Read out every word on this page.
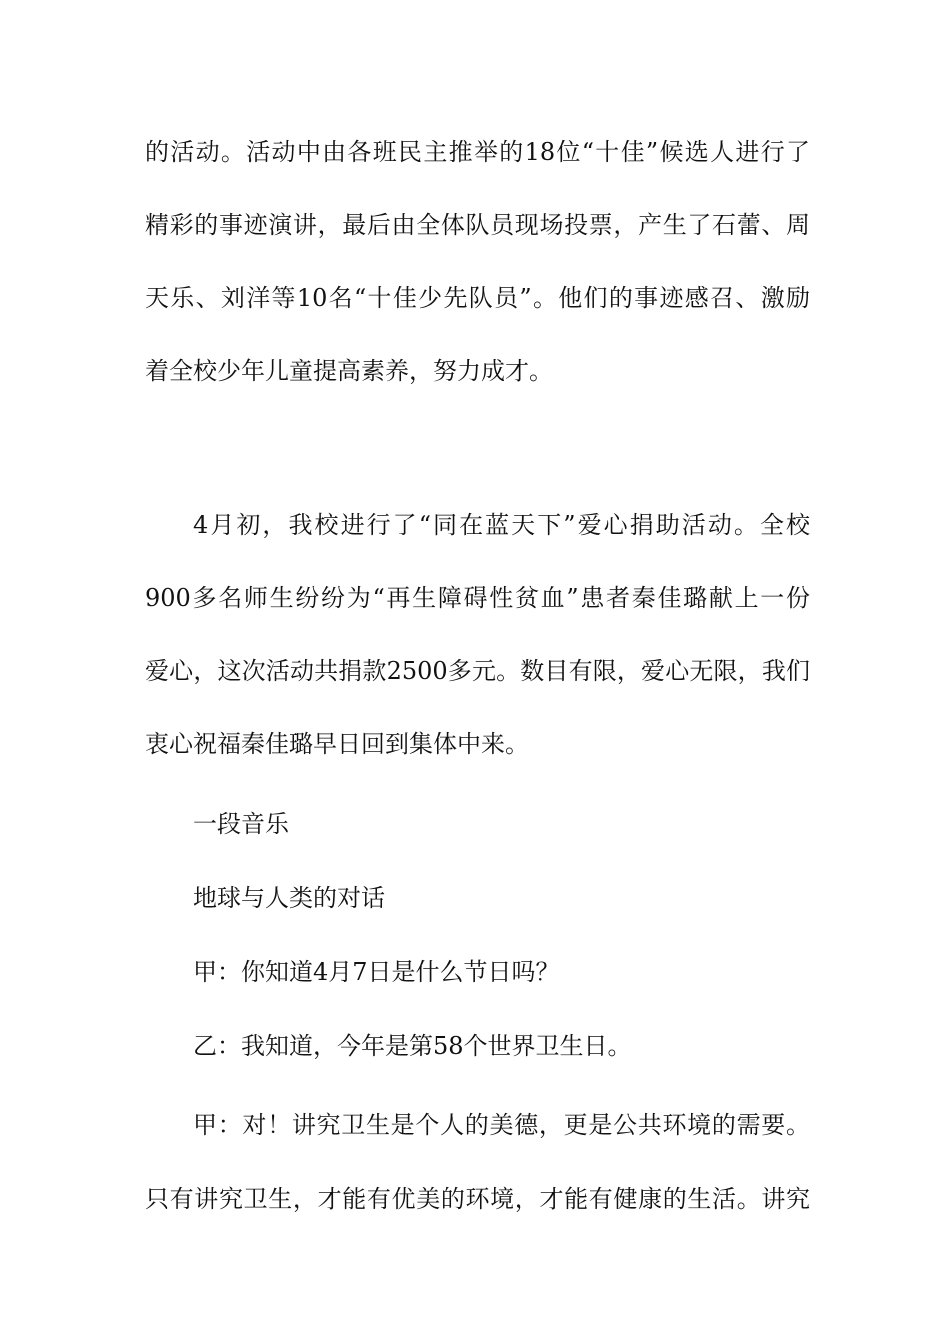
的活动。活动中由各班民主推举的18位“十佳”候选人进行了
精彩的事迹演讲，最后由全体队员现场投票，产生了石蕾、周
天乐、刘洋等10名“十佳少先队员”。他们的事迹感召、激励
着全校少年儿童提高素养，努力成才。
4月初，我校进行了“同在蓝天下”爱心捐助活动。全校
900多名师生纷纷为“再生障碍性贫血”患者秦佳璐献上一份
爱心，这次活动共捐款2500多元。数目有限，爱心无限，我们
衷心祝福秦佳璐早日回到集体中来。
一段音乐
地球与人类的对话
甲：你知道4月7日是什么节日吗？
乙：我知道，今年是第58个世界卫生日。
甲：对！讲究卫生是个人的美德，更是公共环境的需要。
只有讲究卫生，才能有优美的环境，才能有健康的生活。讲究
